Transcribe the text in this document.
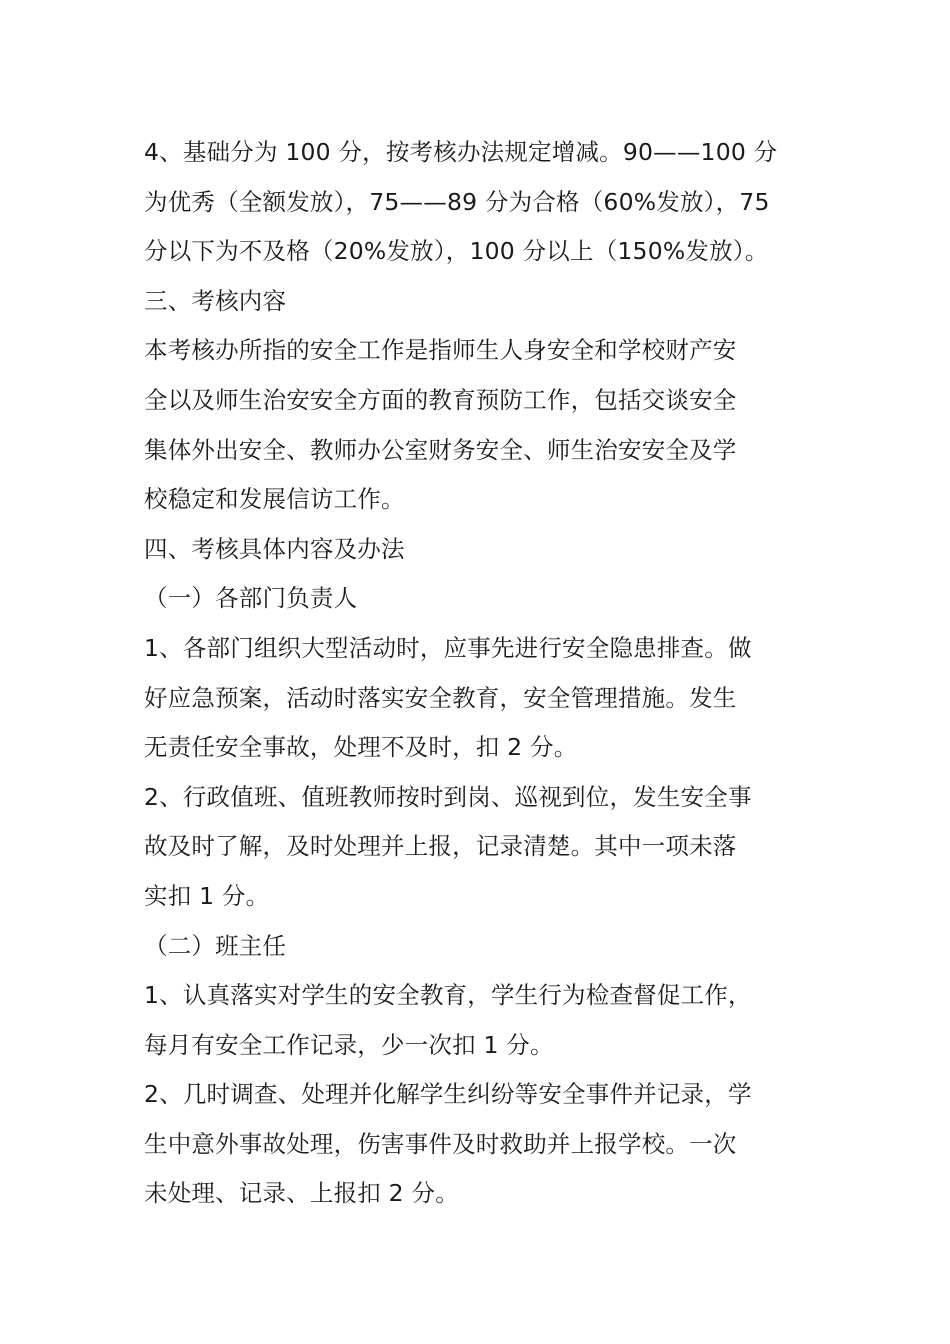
4、基础分为 100 分，按考核办法规定增减。90——100 分
为优秀（全额发放），75——89 分为合格（60%发放），75
分以下为不及格（20%发放），100 分以上（150%发放）。
三、考核内容
本考核办所指的安全工作是指师生人身安全和学校财产安
全以及师生治安安全方面的教育预防工作，包括交谈安全
集体外出安全、教师办公室财务安全、师生治安安全及学
校稳定和发展信访工作。
四、考核具体内容及办法
（一）各部门负责人
1、各部门组织大型活动时，应事先进行安全隐患排查。做
好应急预案，活动时落实安全教育，安全管理措施。发生
无责任安全事故，处理不及时，扣 2 分。
2、行政值班、值班教师按时到岗、巡视到位，发生安全事
故及时了解，及时处理并上报，记录清楚。其中一项未落
实扣 1 分。
（二）班主任
1、认真落实对学生的安全教育，学生行为检查督促工作，
每月有安全工作记录，少一次扣 1 分。
2、几时调查、处理并化解学生纠纷等安全事件并记录，学
生中意外事故处理，伤害事件及时救助并上报学校。一次
未处理、记录、上报扣 2 分。
